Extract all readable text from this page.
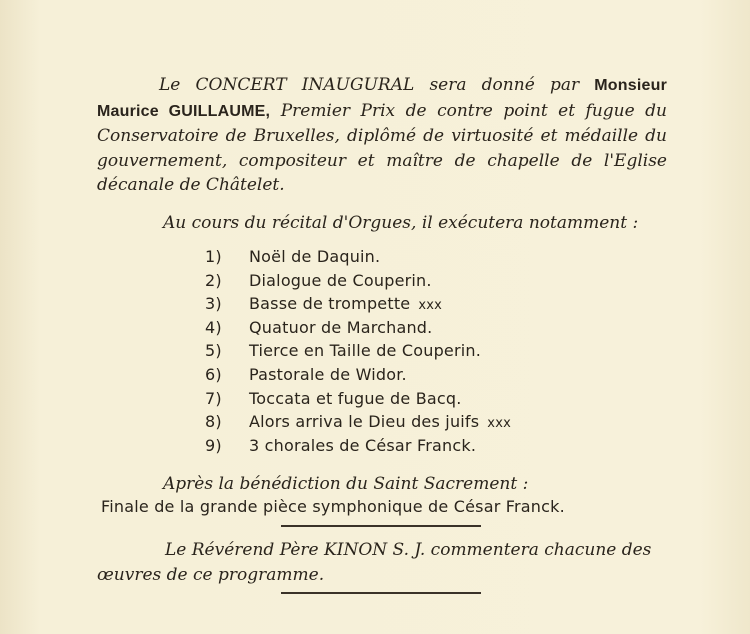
Le CONCERT INAUGURAL sera donné par Monsieur Maurice GUILLAUME, Premier Prix de contre point et fugue du Conservatoire de Bruxelles, diplômé de virtuosité et médaille du gouvernement, compositeur et maître de chapelle de l'Eglise décanale de Châtelet.
Au cours du récital d'Orgues, il exécutera notamment :
1) Noël de Daquin.
2) Dialogue de Couperin.
3) Basse de trompette xxx
4) Quatuor de Marchand.
5) Tierce en Taille de Couperin.
6) Pastorale de Widor.
7) Toccata et fugue de Bacq.
8) Alors arriva le Dieu des juifs xxx
9) 3 chorales de César Franck.
Après la bénédiction du Saint Sacrement :
Finale de la grande pièce symphonique de César Franck.
Le Révérend Père KINON S. J. commentera chacune des œuvres de ce programme.
